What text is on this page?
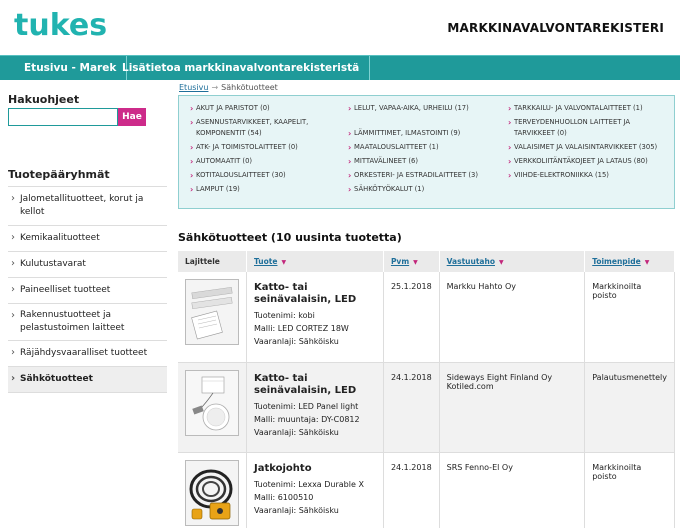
tukes	MARKKINAVALVONTAREKISTERI
Etusivu - Marek Lisätietoa markkinavalvontarekisteristä
Hakuohjeet
Hae
Tuotepääryhmät
› Jalometallituotteet, korut ja kellot
› Kemikaalituotteet
› Kulutustavarat
› Paineelliset tuotteet
› Rakennustuotteet ja pelastustoimen laitteet
› Räjähdysvaaralliset tuotteet
› Sähkötuotteet
Etusivu → Sähkötuotteet
› AKUT JA PARISTOT (0)
› ASENNUSTARVIKKEET, KAAPELIT, KOMPONENTIT (54)
› ATK- JA TOIMISTOLAITTEET (0)
› AUTOMAATIT (0)
› KOTITALOUSLAITTEET (30)
› LAMPUT (19)
› LELUT, VAPAA-AIKA, URHEILU (17)
› LÄMMITTIMET, ILMASTOINTI (9)
› MAATALOUSLAITTEET (1)
› MITTAVÄLINEET (6)
› ORKESTERI- JA ESTRADILAITTEET (3)
› SÄHKÖTYÖKALUT (1)
› TARKKAILU- JA VALVONTALAITTEET (1)
› TERVEYDENHUOLLON LAITTEET JA TARVIKKEET (0)
› VALAISIMET JA VALAISINTARVIKKEET (305)
› VERKKOLIITÄNTÄKOJEET JA LATAUS (80)
› VIIHDE-ELEKTRONIIKKA (15)
Sähkötuotteet (10 uusinta tuotetta)
Lajittele	Tuote ▼	Pvm ▼	Vastuutaho ▼	Toimenpide ▼

Katto- tai seinävalaisin, LED
Tuotenimi: kobi
Malli: LED CORTEZ 18W
Vaaranlaji: Sähköisku	25.1.2018	Markku Hahto Oy	Markkinoilta poisto

Katto- tai seinävalaisin, LED
Tuotenimi: LED Panel light
Malli: muuntaja: DY-C0812
Vaaranlaji: Sähköisku	24.1.2018	Sideways Eight Finland Oy Kotiled.com	Palautusmenettely

Jatkojohto
Tuotenimi: Lexxa Durable X
Malli: 6100510
Vaaranlaji: Sähköisku	24.1.2018	SRS Fenno-El Oy	Markkinoilta poisto
